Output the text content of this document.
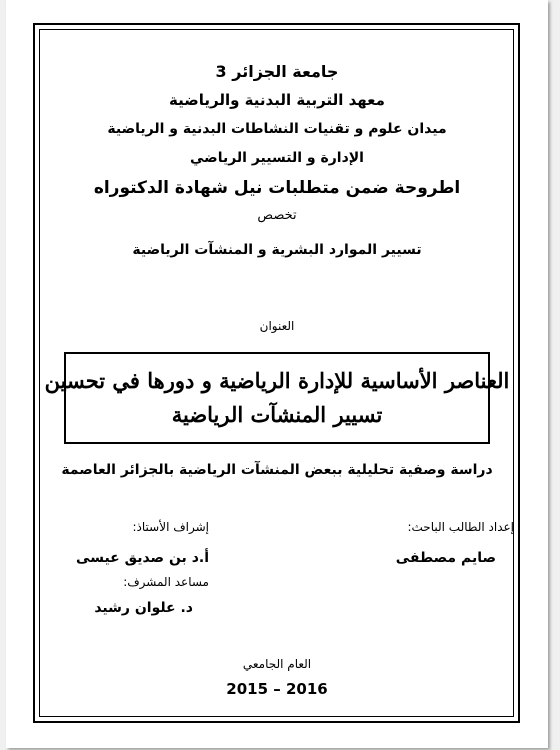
جامعة الجزائر 3
معهد التربية البدنية والرياضية
ميدان علوم و تقنيات النشاطات البدنية و الرياضية
الإدارة و التسيير الرياضي
اطروحة ضمن متطلبات نيل شهادة الدكتوراه
تخصص
تسيير الموارد البشرية و المنشآت الرياضية
العنوان
العناصر الأساسية للإدارة الرياضية و دورها في تحسين
تسيير المنشآت الرياضية
دراسة وصفية تحليلية ببعض المنشآت الرياضية بالجزائر العاصمة
إعداد الطالب الباحث:
صايم مصطفى
إشراف الأستاذ:
أ.د بن صديق عيسى
مساعد المشرف:
د. علوان رشيد
العام الجامعي
2015 – 2016
